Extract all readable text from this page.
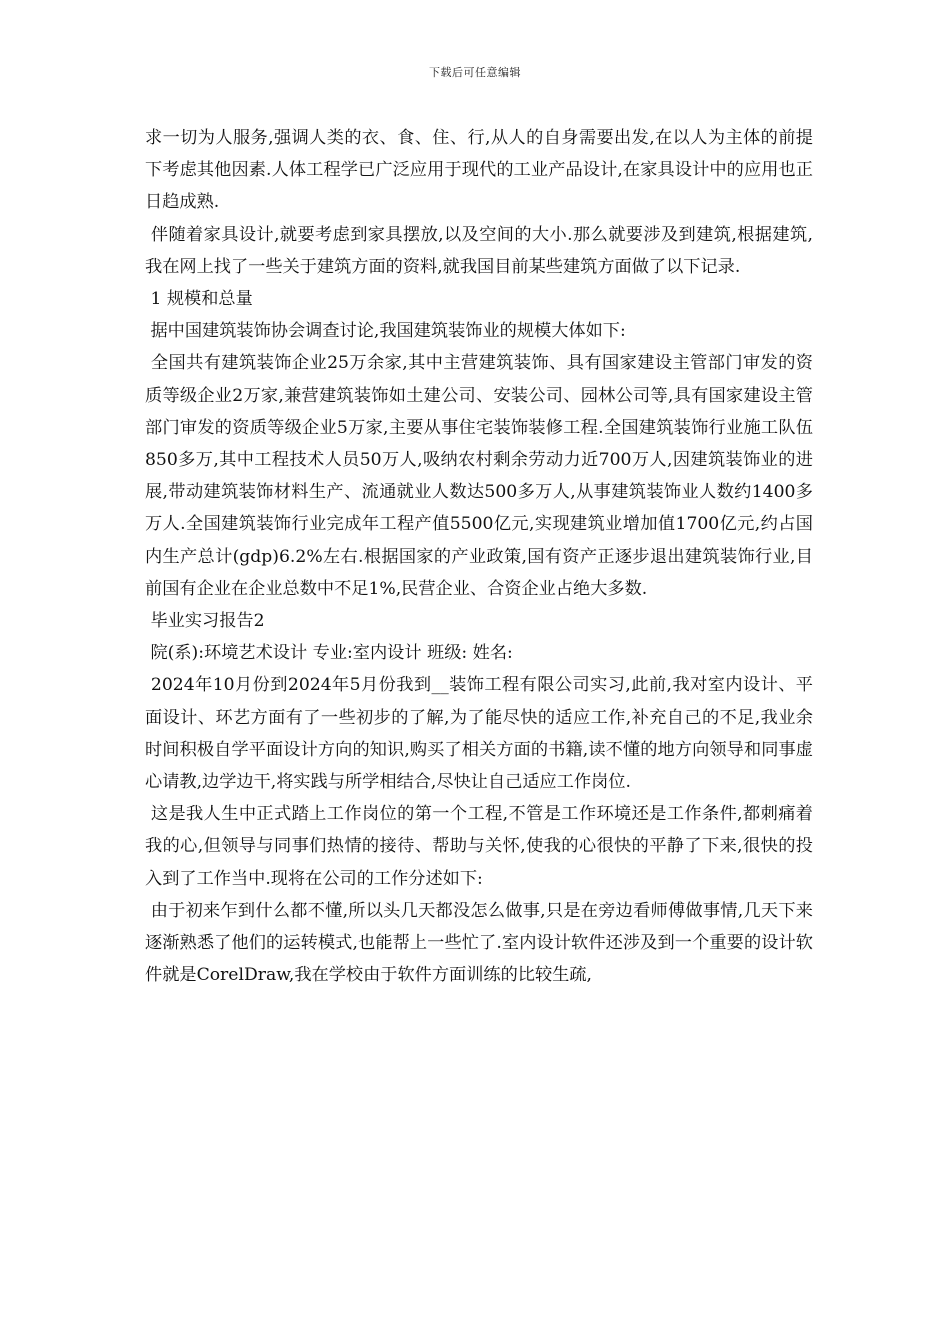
下载后可任意编辑

求一切为人服务,强调人类的衣、食、住、行,从人的自身需要出发,在以人为主体的前提下考虑其他因素.人体工程学已广泛应用于现代的工业产品设计,在家具设计中的应用也正日趋成熟.

伴随着家具设计,就要考虑到家具摆放,以及空间的大小.那么就要涉及到建筑,根据建筑,我在网上找了一些关于建筑方面的资料,就我国目前某些建筑方面做了以下记录.

1 规模和总量

据中国建筑装饰协会调查讨论,我国建筑装饰业的规模大体如下:

全国共有建筑装饰企业25万余家,其中主营建筑装饰、具有国家建设主管部门审发的资质等级企业2万家,兼营建筑装饰如土建公司、安装公司、园林公司等,具有国家建设主管部门审发的资质等级企业5万家,主要从事住宅装饰装修工程.全国建筑装饰行业施工队伍850多万,其中工程技术人员50万人,吸纳农村剩余劳动力近700万人,因建筑装饰业的进展,带动建筑装饰材料生产、流通就业人数达500多万人,从事建筑装饰业人数约1400多万人.全国建筑装饰行业完成年工程产值5500亿元,实现建筑业增加值1700亿元,约占国内生产总计(gdp)6.2%左右.根据国家的产业政策,国有资产正逐步退出建筑装饰行业,目前国有企业在企业总数中不足1%,民营企业、合资企业占绝大多数.

毕业实习报告2

院(系):环境艺术设计 专业:室内设计 班级: 姓名:

2024年10月份到2024年5月份我到__装饰工程有限公司实习,此前,我对室内设计、平面设计、环艺方面有了一些初步的了解,为了能尽快的适应工作,补充自己的不足,我业余时间积极自学平面设计方向的知识,购买了相关方面的书籍,读不懂的地方向领导和同事虚心请教,边学边干,将实践与所学相结合,尽快让自己适应工作岗位.

这是我人生中正式踏上工作岗位的第一个工程,不管是工作环境还是工作条件,都刺痛着我的心,但领导与同事们热情的接待、帮助与关怀,使我的心很快的平静了下来,很快的投入到了工作当中.现将在公司的工作分述如下:

由于初来乍到什么都不懂,所以头几天都没怎么做事,只是在旁边看师傅做事情,几天下来逐渐熟悉了他们的运转模式,也能帮上一些忙了.室内设计软件还涉及到一个重要的设计软件就是CorelDraw,我在学校由于软件方面训练的比较生疏,
